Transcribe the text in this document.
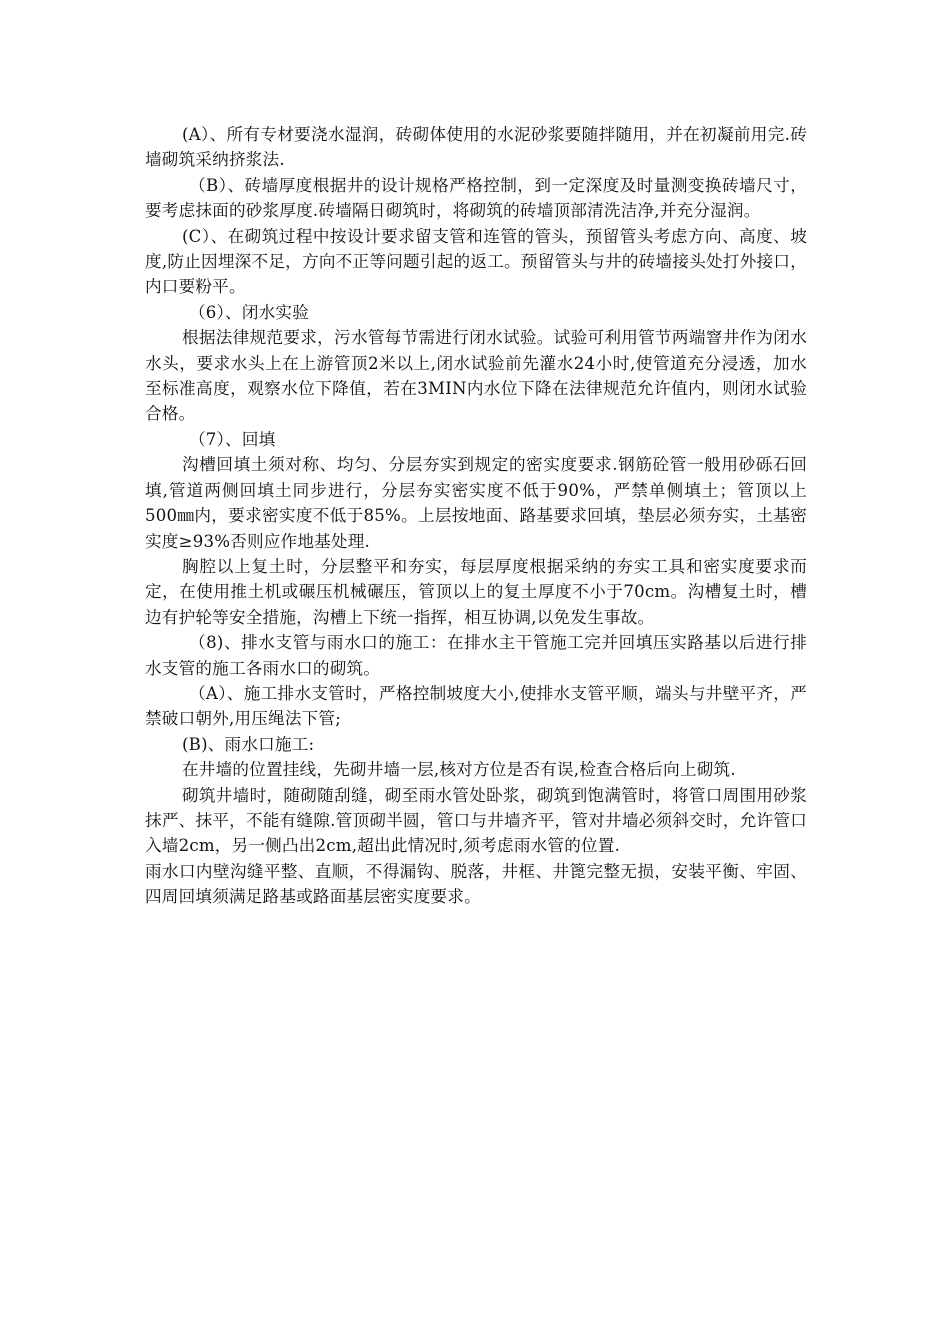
(A）、所有专材要浇水湿润，砖砌体使用的水泥砂浆要随拌随用，并在初凝前用完.砖墙砌筑采纳挤浆法.

（B）、砖墙厚度根据井的设计规格严格控制，到一定深度及时量测变换砖墙尺寸，要考虑抹面的砂浆厚度.砖墙隔日砌筑时，将砌筑的砖墙顶部清洗洁净,并充分湿润。

(C）、在砌筑过程中按设计要求留支管和连管的管头，预留管头考虑方向、高度、坡度,防止因埋深不足，方向不正等问题引起的返工。预留管头与井的砖墙接头处打外接口，内口要粉平。

（6）、闭水实验

根据法律规范要求，污水管每节需进行闭水试验。试验可利用管节两端窨井作为闭水水头，要求水头上在上游管顶2米以上,闭水试验前先灌水24小时,使管道充分浸透，加水至标准高度，观察水位下降值，若在3MIN内水位下降在法律规范允许值内，则闭水试验合格。

（7）、回填

沟槽回填土须对称、均匀、分层夯实到规定的密实度要求.钢筋砼管一般用砂砾石回填,管道两侧回填土同步进行，分层夯实密实度不低于90%，严禁单侧填土；管顶以上500㎜内，要求密实度不低于85%。上层按地面、路基要求回填，垫层必须夯实，土基密实度≥93%否则应作地基处理.

胸腔以上复土时，分层整平和夯实，每层厚度根据采纳的夯实工具和密实度要求而定，在使用推土机或碾压机械碾压，管顶以上的复土厚度不小于70cm。沟槽复土时，槽边有护轮等安全措施，沟槽上下统一指挥，相互协调,以免发生事故。

（8)、排水支管与雨水口的施工：在排水主干管施工完并回填压实路基以后进行排水支管的施工各雨水口的砌筑。

（A）、施工排水支管时，严格控制坡度大小,使排水支管平顺，端头与井壁平齐，严禁破口朝外,用压绳法下管;

(B)、雨水口施工:

在井墙的位置挂线，先砌井墙一层,核对方位是否有误,检查合格后向上砌筑.

砌筑井墙时，随砌随刮缝，砌至雨水管处卧浆，砌筑到饱满管时，将管口周围用砂浆抹严、抹平，不能有缝隙.管顶砌半圆，管口与井墙齐平，管对井墙必须斜交时，允许管口入墙2cm，另一侧凸出2cm,超出此情况时,须考虑雨水管的位置.

雨水口内壁沟缝平整、直顺，不得漏钩、脱落，井框、井篦完整无损，安装平衡、牢固、四周回填须满足路基或路面基层密实度要求。
